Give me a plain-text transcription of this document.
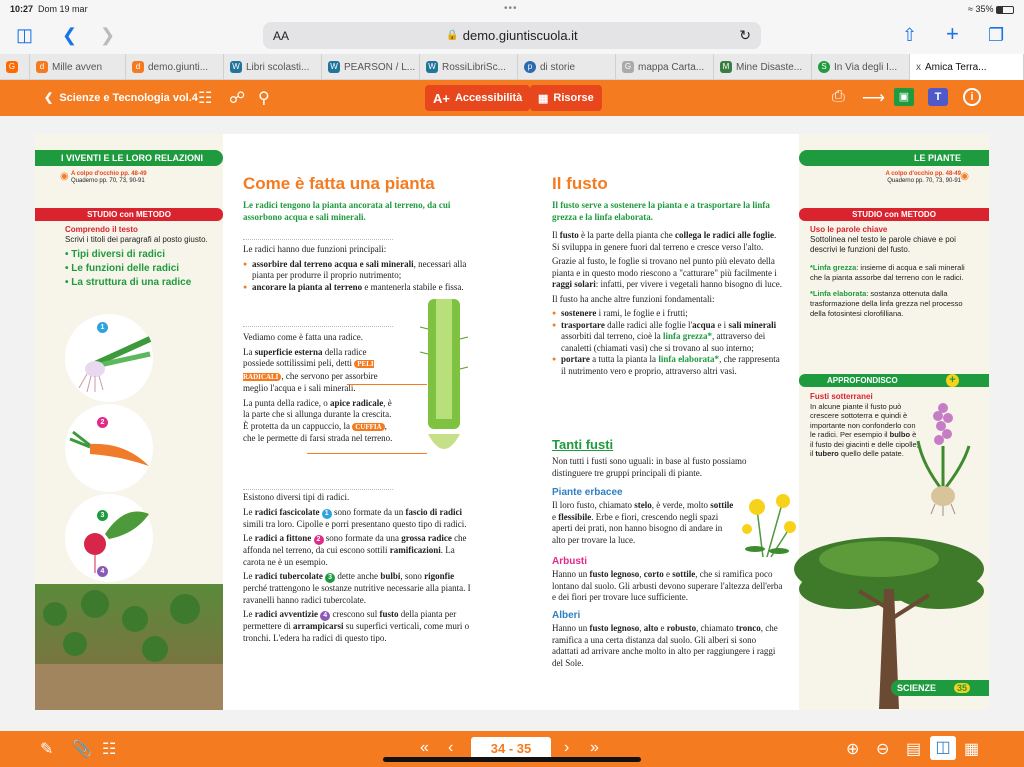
10:27 Dom 19 mar	•••	≈ 35%
◫ ❮ ❯	AA	🔒 demo.giuntiscuola.it	↻	⇧ + ❐
G	d Mille avven	d demo.giunti...	W Libri scolasti...	W PEARSON / L... W RossiLibriSc...	p di storie	G mappa Carta...	M Mine Disaste...	S In Via degli I... x Amica Terra...
❮  Scienze e Tecnologia vol.4 ☷ ☍ ⚲	A+ Accessibilità ▦ Risorse	⎙ ⟶	▣	T	i
I VIVENTI E LE LORO RELAZIONI
A colpo d'occhio pp. 48-49
Quaderno pp. 70, 73, 90-91
◉
STUDIO con METODO
Comprendo il testo
Scrivi i titoli dei paragrafi al posto giusto.
• Tipi diversi di radici
• Le funzioni delle radici
• La struttura di una radice
1
2
3
4
Come è fatta una pianta
Le radici tengono la pianta ancorata al terreno, da cui assorbono acqua e sali minerali.

Le radici hanno due funzioni principali:

● assorbire dal terreno acqua e sali minerali, necessari alla pianta per produrre il proprio nutrimento;
● ancorare la pianta al terreno e mantenerla stabile e fissa.

Vediamo come è fatta una radice.

La superficie esterna della radice possiede sottilissimi peli, detti PELI RADICALI , che servono per assorbire meglio l'acqua e i sali minerali.

La punta della radice, o apice radicale, è la parte che si allunga durante la crescita. È protetta da un cappuccio, la CUFFIA , che le permette di farsi strada nel terreno.

Esistono diversi tipi di radici.

Le radici fascicolate 1 sono formate da un fascio di radici simili tra loro. Cipolle e porri presentano questo tipo di radici.

Le radici a fittone 2 sono formate da una grossa radice che affonda nel terreno, da cui escono sottili ramificazioni. La carota ne è un esempio.

Le radici tubercolate 3 dette anche bulbi, sono rigonfie perché trattengono le sostanze nutritive necessarie alla pianta. I ravanelli hanno radici tubercolate.

Le radici avventizie 4 crescono sul fusto della pianta per permettere di arrampicarsi su superfici verticali, come muri o tronchi. L'edera ha radici di questo tipo.

LE PIANTE
A colpo d'occhio pp. 48-49
Quaderno pp. 70, 73, 90-91 ◉
Il fusto
Il fusto serve a sostenere la pianta e a trasportare la linfa grezza e la linfa elaborata.

Il fusto è la parte della pianta che collega le radici alle foglie. Si sviluppa in genere fuori dal terreno e cresce verso l'alto.

Grazie al fusto, le foglie si trovano nel punto più elevato della pianta e in questo modo riescono a "catturare" più facilmente i raggi solari: infatti, per vivere i vegetali hanno bisogno di luce.

Il fusto ha anche altre funzioni fondamentali:

● sostenere i rami, le foglie e i frutti;
● trasportare dalle radici alle foglie l'acqua e i sali minerali assorbiti dal terreno, cioè la linfa grezza*, attraverso dei canaletti (chiamati vasi) che si trovano al suo interno;
● portare a tutta la pianta la linfa elaborata*, che rappresenta il nutrimento vero e proprio, attraverso altri vasi.
Tanti fusti
Non tutti i fusti sono uguali: in base al fusto possiamo distinguere tre gruppi principali di piante.
Piante erbacee
Il loro fusto, chiamato stelo, è verde, molto sottile e flessibile. Erbe e fiori, crescendo negli spazi aperti dei prati, non hanno bisogno di andare in alto per trovare la luce.
Arbusti
Hanno un fusto legnoso, corto e sottile, che si ramifica poco lontano dal suolo. Gli arbusti devono superare l'altezza dell'erba e dei fiori per trovare luce sufficiente.
Alberi
Hanno un fusto legnoso, alto e robusto, chiamato tronco, che ramifica a una certa distanza dal suolo. Gli alberi si sono adattati ad arrivare anche molto in alto per raggiungere i raggi del Sole.
STUDIO con METODO
Uso le parole chiave
Sottolinea nel testo le parole chiave e poi descrivi le funzioni del fusto.
*Linfa grezza: insieme di acqua e sali minerali che la pianta assorbe dal terreno con le radici.
*Linfa elaborata: sostanza ottenuta dalla trasformazione della linfa grezza nel processo della fotosintesi clorofilliana.
APPROFONDISCO	+
Fusti sotterranei
In alcune piante il fusto può crescere sottoterra e quindi è importante non confonderlo con le radici. Per esempio il bulbo è il fusto dei giacinti e delle cipolle, il tubero quello delle patate.
SCIENZE	35
✎ 📎 ☷	« ‹	34 - 35	› »	⊕ ⊖ ▤ ◫ ▦
